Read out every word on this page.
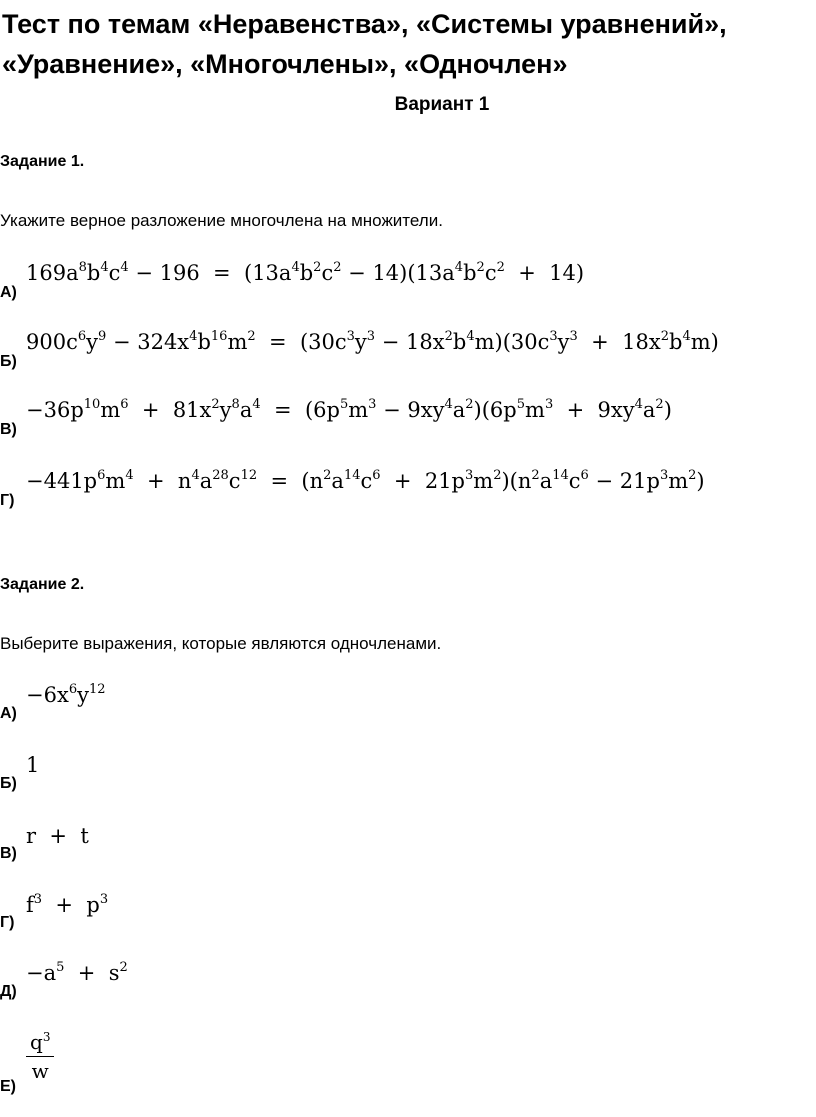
Тест по темам «Неравенства», «Системы уравнений», «Уравнение», «Многочлены», «Одночлен»
Вариант 1
Задание 1.
Укажите верное разложение многочлена на множители.
А)
$169a^8b^4c^4 - 196 = (13a^4b^2c^2 - 14)(13a^4b^2c^2 + 14)$
Б)
$900c^6y^9 - 324x^4b^{16}m^2 = (30c^3y^3 - 18x^2b^4m)(30c^3y^3 + 18x^2b^4m)$
В)
$-36p^{10}m^6 + 81x^2y^8a^4 = (6p^5m^3 - 9xy^4a^2)(6p^5m^3 + 9xy^4a^2)$
Г)
$-441p^6m^4 + n^4a^{28}c^{12} = (n^2a^{14}c^6 + 21p^3m^2)(n^2a^{14}c^6 - 21p^3m^2)$
Задание 2.
Выберите выражения, которые являются одночленами.
А)
$-6x^6y^{12}$
Б)
1
В)
r  +  t
Г)
$f^3 + p^3$
Д)
$-a^5 + s^2$
Е)
$\frac{q^3}{w}$
